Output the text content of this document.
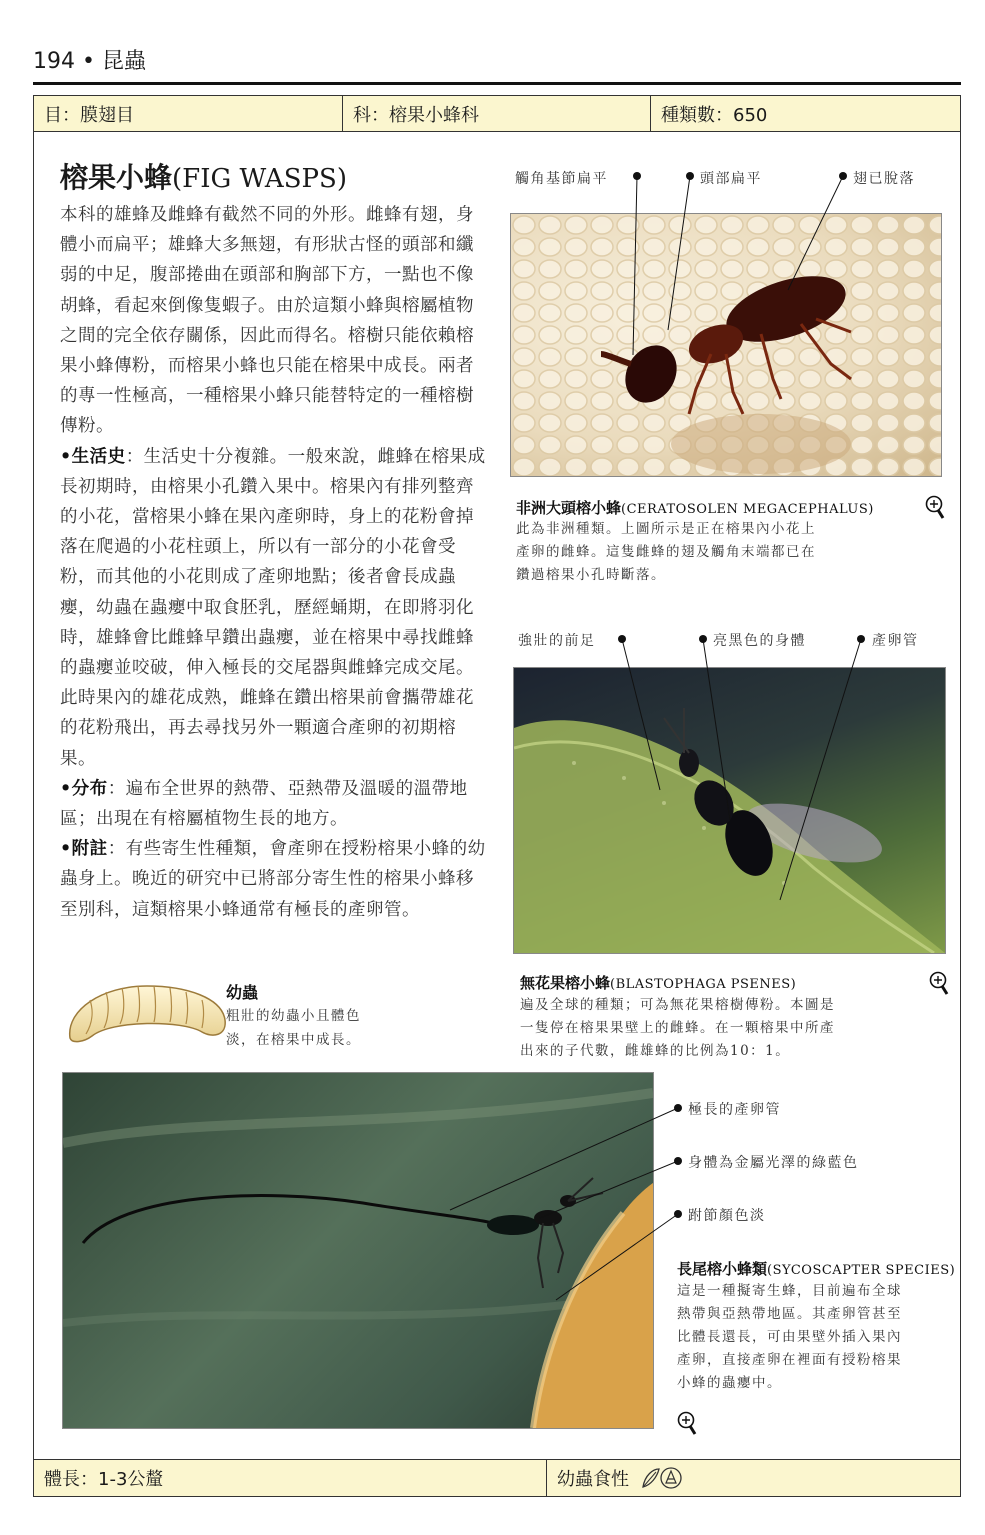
194 • 昆蟲
目：膜翅目	科：榕果小蜂科	種類數：650
榕果小蜂(FIG WASPS)

本科的雄蜂及雌蜂有截然不同的外形。雌蜂有翅，身體小而扁平；雄蜂大多無翅，有形狀古怪的頭部和纖弱的中足，腹部捲曲在頭部和胸部下方，一點也不像胡蜂，看起來倒像隻蝦子。由於這類小蜂與榕屬植物之間的完全依存關係，因此而得名。榕樹只能依賴榕果小蜂傳粉，而榕果小蜂也只能在榕果中成長。兩者的專一性極高，一種榕果小蜂只能替特定的一種榕樹傳粉。

•生活史：生活史十分複雜。一般來說，雌蜂在榕果成長初期時，由榕果小孔鑽入果中。榕果內有排列整齊的小花，當榕果小蜂在果內產卵時，身上的花粉會掉落在爬過的小花柱頭上，所以有一部分的小花會受粉，而其他的小花則成了產卵地點；後者會長成蟲癭，幼蟲在蟲癭中取食胚乳，歷經蛹期，在即將羽化時，雄蜂會比雌蜂早鑽出蟲癭，並在榕果中尋找雌蜂的蟲癭並咬破，伸入極長的交尾器與雌蜂完成交尾。此時果內的雄花成熟，雌蜂在鑽出榕果前會攜帶雄花的花粉飛出，再去尋找另外一顆適合產卵的初期榕果。

•分布：遍布全世界的熱帶、亞熱帶及溫暖的溫帶地區；出現在有榕屬植物生長的地方。

•附註：有些寄生性種類，會產卵在授粉榕果小蜂的幼蟲身上。晚近的研究中已將部分寄生性的榕果小蜂移至別科，這類榕果小蜂通常有極長的產卵管。

幼蟲
粗壯的幼蟲小且體色
淡，在榕果中成長。
觸角基節扁平	頭部扁平	翅已脫落
非洲大頭榕小蜂(CERATOSOLEN MEGACEPHALUS)
此為非洲種類。上圖所示是正在榕果內小花上
產卵的雌蜂。這隻雌蜂的翅及觸角末端都已在
鑽過榕果小孔時斷落。
強壯的前足	亮黑色的身體	產卵管
無花果榕小蜂(BLASTOPHAGA PSENES)
遍及全球的種類；可為無花果榕樹傳粉。本圖是
一隻停在榕果果壁上的雌蜂。在一顆榕果中所產
出來的子代數，雌雄蜂的比例為10：1。
極長的產卵管
身體為金屬光澤的綠藍色
跗節顏色淡
長尾榕小蜂類(SYCOSCAPTER SPECIES)
這是一種擬寄生蜂，目前遍布全球
熱帶與亞熱帶地區。其產卵管甚至
比體長還長，可由果壁外插入果內
產卵，直接產卵在裡面有授粉榕果
小蜂的蟲癭中。
體長：1-3公釐	幼蟲食性
